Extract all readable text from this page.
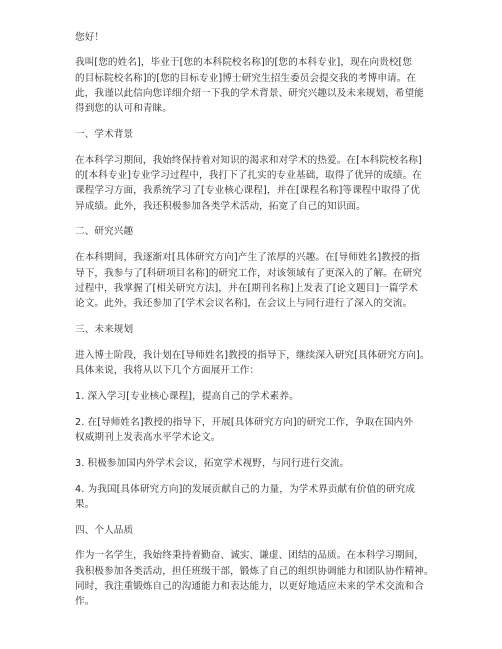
您好！
我叫[您的姓名]，毕业于[您的本科院校名称]的[您的本科专业]，现在向贵校[您
的目标院校名称]的[您的目标专业]博士研究生招生委员会提交我的考博申请。在
此，我谨以此信向您详细介绍一下我的学术背景、研究兴趣以及未来规划，希望能
得到您的认可和青睐。
一、学术背景
在本科学习期间，我始终保持着对知识的渴求和对学术的热爱。在[本科院校名称]
的[本科专业]专业学习过程中，我打下了扎实的专业基础，取得了优异的成绩。在
课程学习方面，我系统学习了[专业核心课程]，并在[课程名称]等课程中取得了优
异成绩。此外，我还积极参加各类学术活动，拓宽了自己的知识面。
二、研究兴趣
在本科期间，我逐渐对[具体研究方向]产生了浓厚的兴趣。在[导师姓名]教授的指
导下，我参与了[科研项目名称]的研究工作，对该领域有了更深入的了解。在研究
过程中，我掌握了[相关研究方法]，并在[期刊名称]上发表了[论文题目]一篇学术
论文。此外，我还参加了[学术会议名称]，在会议上与同行进行了深入的交流。
三、未来规划
进入博士阶段，我计划在[导师姓名]教授的指导下，继续深入研究[具体研究方向]。
具体来说，我将从以下几个方面展开工作：
1. 深入学习[专业核心课程]，提高自己的学术素养。
2. 在[导师姓名]教授的指导下，开展[具体研究方向]的研究工作，争取在国内外
权威期刊上发表高水平学术论文。
3. 积极参加国内外学术会议，拓宽学术视野，与同行进行交流。
4. 为我国[具体研究方向]的发展贡献自己的力量，为学术界贡献有价值的研究成
果。
四、个人品质
作为一名学生，我始终秉持着勤奋、诚实、谦虚、团结的品质。在本科学习期间，
我积极参加各类活动，担任班级干部，锻炼了自己的组织协调能力和团队协作精神。
同时，我注重锻炼自己的沟通能力和表达能力，以更好地适应未来的学术交流和合
作。
